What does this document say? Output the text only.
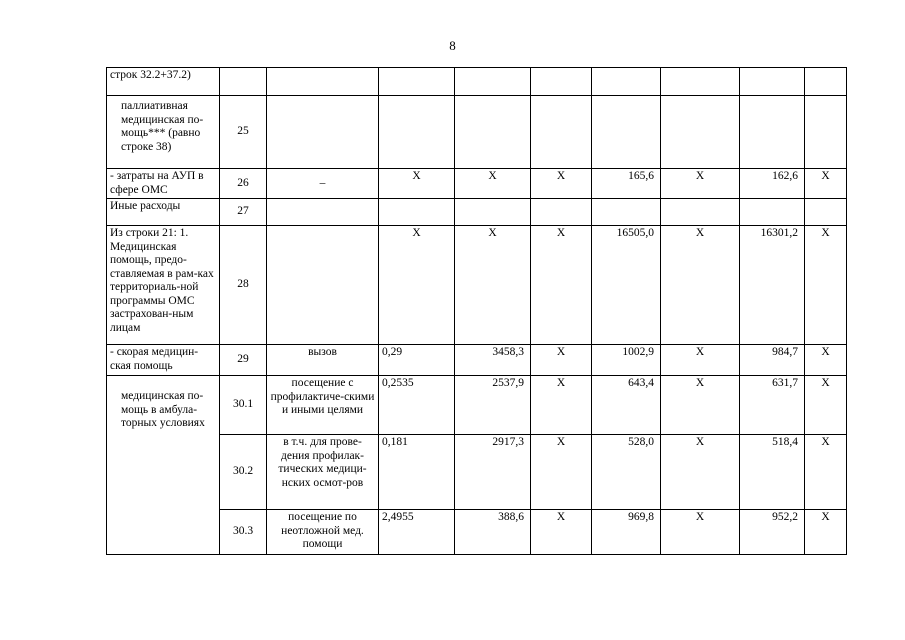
8
строк 32.2+37.2)									
паллиативная медицинская по-мощь*** (равно строке 38)	25								
- затраты на АУП в сфере ОМС	26	–	Х	Х	Х	165,6	Х	162,6	Х
Иные расходы	27								
Из строки 21: 1. Медицинская помощь, предо-ставляемая в рам-ках территориаль-ной программы ОМС застрахован-ным лицам	28		Х	Х	Х	16505,0	Х	16301,2	Х
- скорая медицин-ская помощь	29	вызов	0,29	3458,3	Х	1002,9	Х	984,7	Х
медицинская по-мощь в амбула-торных условиях	30.1	посещение с профилактиче-скими и иными целями	0,2535	2537,9	Х	643,4	Х	631,7	Х
	30.2	в т.ч. для прове-дения профилак-тических медици-нских осмот-ров	0,181	2917,3	Х	528,0	Х	518,4	Х
	30.3	посещение по неотложной мед. помощи	2,4955	388,6	Х	969,8	Х	952,2	Х
